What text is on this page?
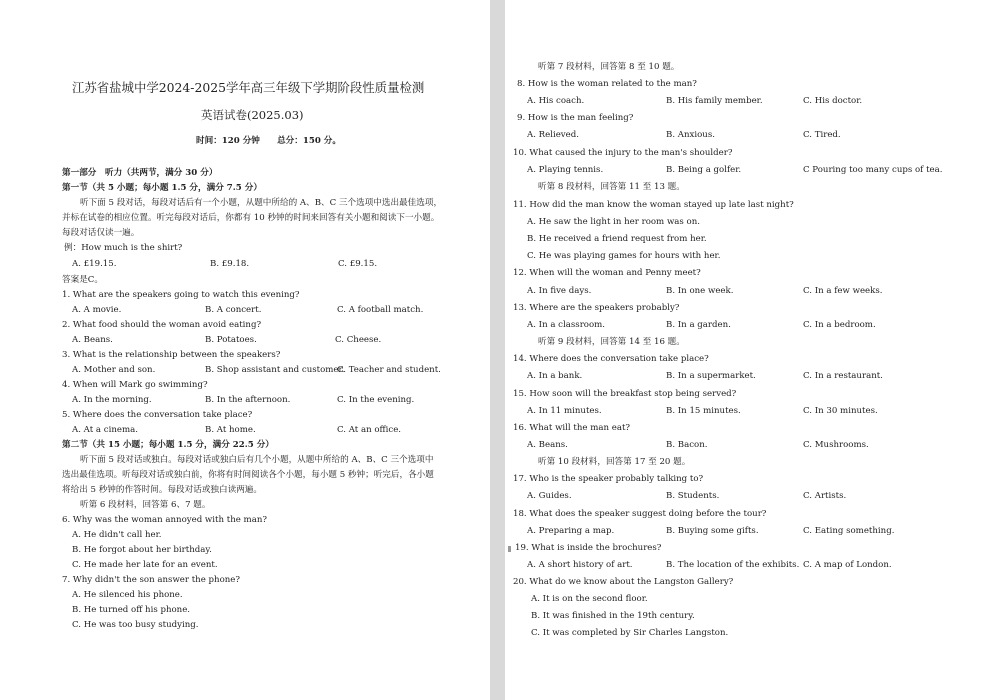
江苏省盐城中学2024-2025学年高三年级下学期阶段性质量检测
英语试卷(2025.03)
时间：120 分钟　　总分：150 分。
第一部分　听力（共两节，满分 30 分）
第一节（共 5 小题；每小题 1.5 分，满分 7.5 分）
听下面 5 段对话，每段对话后有一个小题，从题中所给的 A、B、C 三个选项中选出最佳选项，
并标在试卷的相应位置。听完每段对话后，你都有 10 秒钟的时间来回答有关小题和阅读下一小题。
每段对话仅读一遍。
例：How much is the shirt?
A. £19.15.	B. £9.18.	C. £9.15.
答案是C。
1. What are the speakers going to watch this evening?
A. A movie.	B. A concert.	C. A football match.
2. What food should the woman avoid eating?
A. Beans.	B. Potatoes.	C. Cheese.
3. What is the relationship between the speakers?
A. Mother and son.	B. Shop assistant and customer.
C. Teacher and student.
4. When will Mark go swimming?
A. In the morning.	B. In the afternoon.	C. In the evening.
5. Where does the conversation take place?
A. At a cinema.	B. At home.	C. At an office.
第二节（共 15 小题；每小题 1.5 分，满分 22.5 分）
听下面 5 段对话或独白。每段对话或独白后有几个小题，从题中所给的 A、B、C 三个选项中
选出最佳选项。听每段对话或独白前，你将有时间阅读各个小题，每小题 5 秒钟；听完后，各小题
将给出 5 秒钟的作答时间。每段对话或独白读两遍。
听第 6 段材料，回答第 6、7 题。
6. Why was the woman annoyed with the man?
A. He didn't call her.
B. He forgot about her birthday.
C. He made her late for an event.
7. Why didn't the son answer the phone?
A. He silenced his phone.
B. He turned off his phone.
C. He was too busy studying.
听第 7 段材料，回答第 8 至 10 题。
8. How is the woman related to the man?
A. His coach.	B. His family member.	C. His doctor.
9. How is the man feeling?
A. Relieved.	B. Anxious.	C. Tired.
10. What caused the injury to the man's shoulder?
A. Playing tennis.	B. Being a golfer.	C Pouring too many cups of tea.
听第 8 段材料，回答第 11 至 13 题。
11. How did the man know the woman stayed up late last night?
A. He saw the light in her room was on.
B. He received a friend request from her.
C. He was playing games for hours with her.
12. When will the woman and Penny meet?
A. In five days.	B. In one week.	C. In a few weeks.
13. Where are the speakers probably?
A. In a classroom.	B. In a garden.	C. In a bedroom.
听第 9 段材料，回答第 14 至 16 题。
14. Where does the conversation take place?
A. In a bank.	B. In a supermarket.	C. In a restaurant.
15. How soon will the breakfast stop being served?
A. In 11 minutes.	B. In 15 minutes.	C. In 30 minutes.
16. What will the man eat?
A. Beans.	B. Bacon.	C. Mushrooms.
听第 10 段材料，回答第 17 至 20 题。
17. Who is the speaker probably talking to?
A. Guides.	B. Students.	C. Artists.
18. What does the speaker suggest doing before the tour?
A. Preparing a map.	B. Buying some gifts.	C. Eating something.
19. What is inside the brochures?
A. A short history of art.	B. The location of the exhibits. C. A map of London.
20. What do we know about the Langston Gallery?
A. It is on the second floor.
B. It was finished in the 19th century.
C. It was completed by Sir Charles Langston.
